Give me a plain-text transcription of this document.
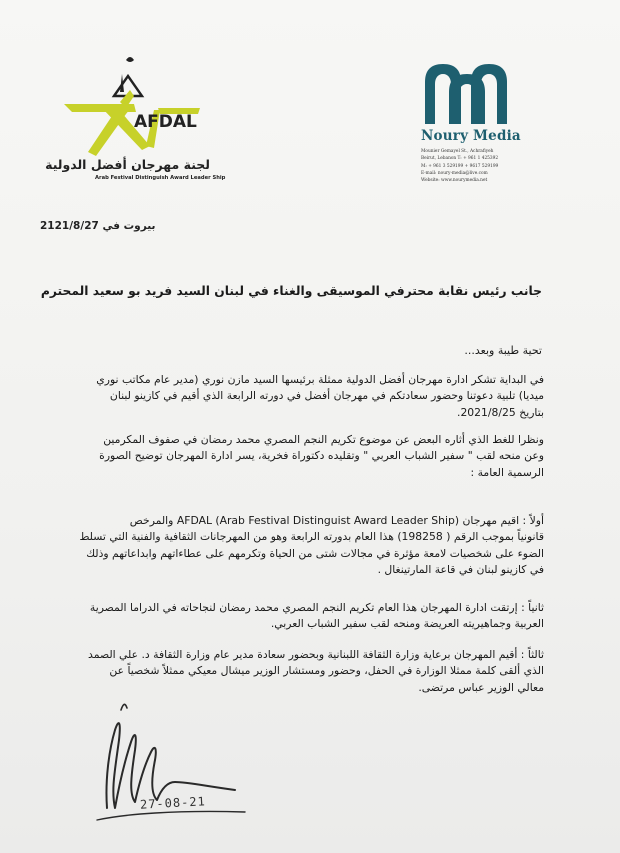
Noury Media
Mounier Gemayel St., Achrafiyeh
Beirut, Lebanon T: + 961 1 425392
M: + 961 3 529199 + 9617 529199
E-mail: noury-media@live.com
Website: www.nourymedia.net
AFDAL
لجنة مهرجان أفضل الدولية
Arab Festival Distinguish Award Leader Ship
بيروت في 2121/8/27
جانب رئيس نقابة محترفي الموسيقى والغناء في لبنان السيد فريد بو سعيد المحترم
تحية طيبة وبعد...
في البداية تشكر ادارة مهرجان أفضل الدولية ممثلة برئيسها السيد مازن نوري (مدير عام مكاتب نوري
ميديا) تلبية دعوتنا وحضور سعادتكم في مهرجان أفضل في دورته الرابعة الذي أقيم في كازينو لبنان
بتاريخ 2021/8/25.
ونظرا للغط الذي أثاره البعض عن موضوع تكريم النجم المصري محمد رمضان في صفوف المكرمين
وعن منحه لقب " سفير الشباب العربي " وتقليده دكتوراة فخرية، يسر ادارة المهرجان توضيح الصورة
الرسمية العامة :
أولاً : اقيم مهرجان AFDAL (Arab Festival Distinguist Award Leader Ship) والمرخص
قانونياً بموجب الرقم ( 198258) هذا العام بدورته الرابعة وهو من المهرجانات الثقافية والفنية التي تسلط
الضوء على شخصيات لامعة مؤثرة في مجالات شتى من الحياة وتكرمهم على عطاءاتهم وابداعاتهم وذلك
في كازينو لبنان في قاعة المارتينغال .
ثانياً : إرتقت ادارة المهرجان هذا العام تكريم النجم المصري محمد رمضان لنجاحاته في الدراما المصرية
العربية وجماهيريته العريضة ومنحه لقب سفير الشباب العربي.
ثالثاً : أقيم المهرجان برعاية وزارة الثقافة اللبنانية وبحضور سعادة مدير عام وزارة الثقافة د. علي الصمد
الذي ألقى كلمة ممثلا الوزارة في الحفل، وحضور ومستشار الوزير ميشال معيكي ممثلاً شخصياً عن
معالي الوزير عباس مرتضى.
27-08-21
